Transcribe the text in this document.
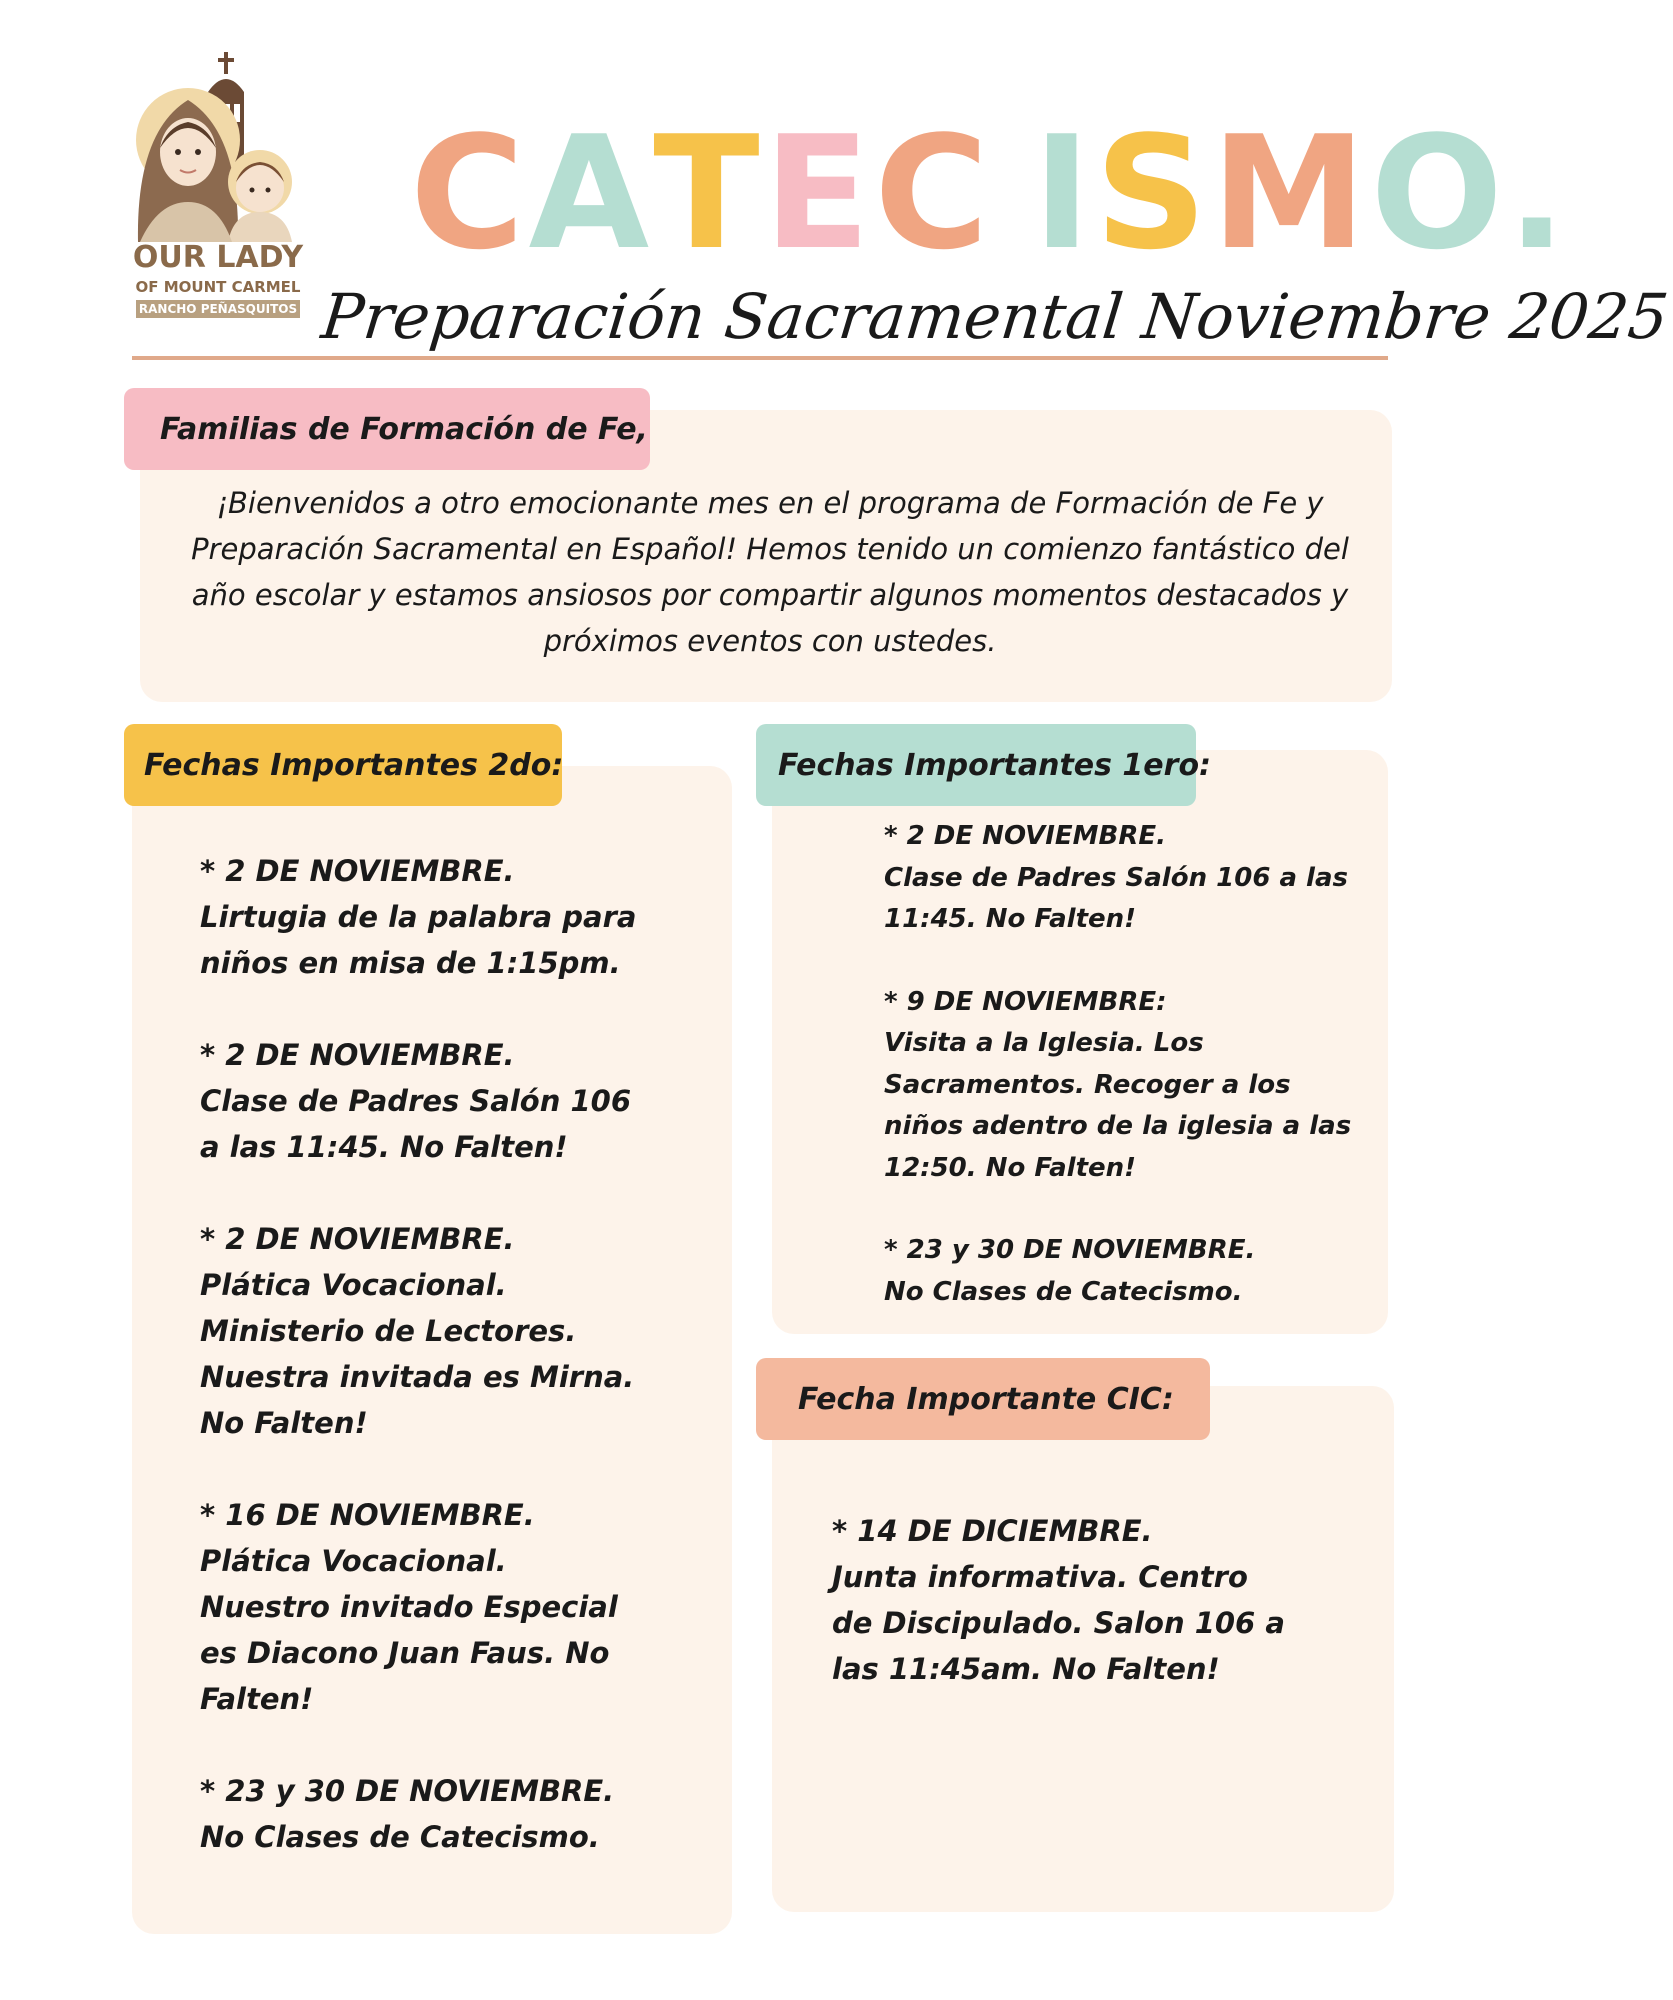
OUR LADY
OF MOUNT CARMEL
RANCHO PEÑASQUITOS
CATEC ISMO.
Preparación Sacramental Noviembre 2025
Familias de Formación de Fe,
¡Bienvenidos a otro emocionante mes en el programa de Formación de Fe y Preparación Sacramental en Español! Hemos tenido un comienzo fantástico del año escolar y estamos ansiosos por compartir algunos momentos destacados y próximos eventos con ustedes.
Fechas Importantes 2do:
* 2 DE NOVIEMBRE.
Lirtugia de la palabra para
niños en misa de 1:15pm.
* 2 DE NOVIEMBRE.
Clase de Padres Salón 106
a las 11:45. No Falten!
* 2 DE NOVIEMBRE.
Plática Vocacional.
Ministerio de Lectores.
Nuestra invitada es Mirna.
No Falten!
* 16 DE NOVIEMBRE.
Plática Vocacional.
Nuestro invitado Especial
es Diacono Juan Faus. No
Falten!
* 23 y 30 DE NOVIEMBRE.
No Clases de Catecismo.
Fechas Importantes 1ero:
* 2 DE NOVIEMBRE.
Clase de Padres Salón 106 a las
11:45. No Falten!
* 9 DE NOVIEMBRE:
Visita a la Iglesia. Los
Sacramentos. Recoger a los
niños adentro de la iglesia a las
12:50. No Falten!
* 23 y 30 DE NOVIEMBRE.
No Clases de Catecismo.
Fecha Importante CIC:
* 14 DE DICIEMBRE.
Junta informativa. Centro
de Discipulado. Salon 106 a
las 11:45am. No Falten!
